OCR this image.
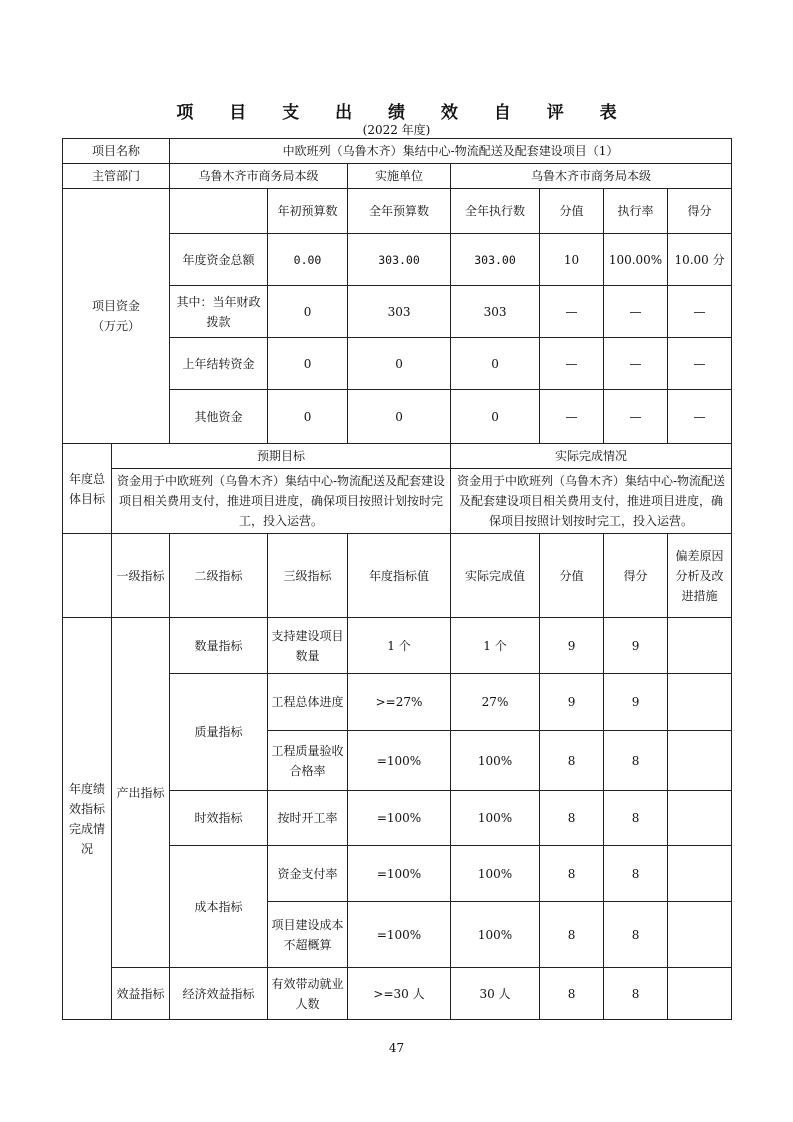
项 目 支 出 绩 效 自 评 表
(2022 年度)
项目名称		中欧班列（乌鲁木齐）集结中心-物流配送及配套建设项目（1）						
主管部门		乌鲁木齐市商务局本级		实施单位	乌鲁木齐市商务局本级			
项目资金
（万元）			年初预算数	全年预算数	全年执行数	分值	执行率	得分
		年度资金总额	0.00	303.00	303.00	10	100.00%	10.00 分
		其中：当年财政拨款	0	303	303	—	—	—
		上年结转资金	0	0	0	—	—	—
		其他资金	0	0	0	—	—	—
年度总体目标	预期目标				实际完成情况			
	资金用于中欧班列（乌鲁木齐）集结中心-物流配送及配套建设项目相关费用支付，推进项目进度，确保项目按照计划按时完工，投入运营。				资金用于中欧班列（乌鲁木齐）集结中心-物流配送及配套建设项目相关费用支付，推进项目进度，确保项目按照计划按时完工，投入运营。			
	一级指标	二级指标	三级指标	年度指标值	实际完成值	分值	得分	偏差原因分析及改进措施
年度绩效指标完成情况	产出指标	数量指标	支持建设项目数量	1 个	1 个	9	9	
		质量指标	工程总体进度	>=27%	27%	9	9	
			工程质量验收合格率	=100%	100%	8	8	
		时效指标	按时开工率	=100%	100%	8	8	
		成本指标	资金支付率	=100%	100%	8	8	
			项目建设成本不超概算	=100%	100%	8	8	
	效益指标	经济效益指标	有效带动就业人数	>=30 人	30 人	8	8	
47
